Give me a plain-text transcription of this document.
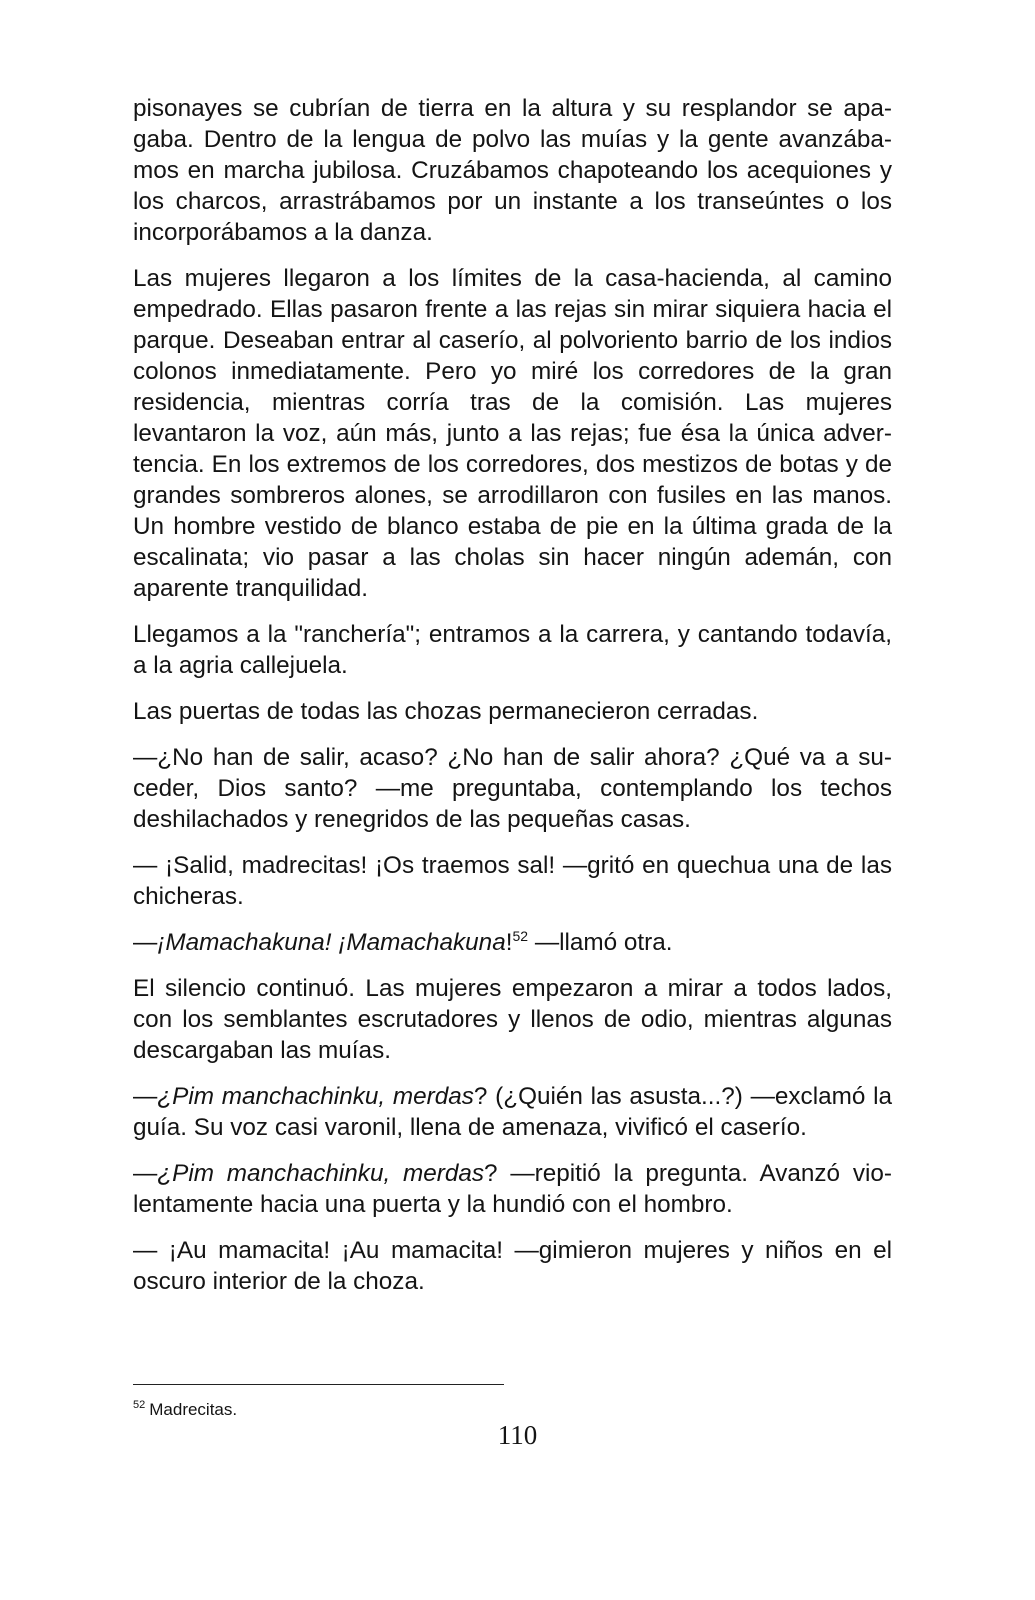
pisonayes se cubrían de tierra en la altura y su resplandor se apagaba. Dentro de la lengua de polvo las muías y la gente avanzábamos en marcha jubilosa. Cruzábamos chapoteando los acequiones y los charcos, arrastrábamos por un instante a los transeúntes o los incorporábamos a la danza.

Las mujeres llegaron a los límites de la casa-hacienda, al camino empedrado. Ellas pasaron frente a las rejas sin mirar siquiera hacia el parque. Deseaban entrar al caserío, al polvoriento barrio de los indios colonos inmediatamente. Pero yo miré los corredores de la gran residencia, mientras corría tras de la comisión. Las mujeres levantaron la voz, aún más, junto a las rejas; fue ésa la única advertencia. En los extremos de los corredores, dos mestizos de botas y de grandes sombreros alones, se arrodillaron con fusiles en las manos. Un hombre vestido de blanco estaba de pie en la última grada de la escalinata; vio pasar a las cholas sin hacer ningún ademán, con aparente tranquilidad.

Llegamos a la "ranchería"; entramos a la carrera, y cantando todavía, a la agria callejuela.

Las puertas de todas las chozas permanecieron cerradas.

—¿No han de salir, acaso? ¿No han de salir ahora? ¿Qué va a suceder, Dios santo? —me preguntaba, contemplando los techos deshilachados y renegridos de las pequeñas casas.

— ¡Salid, madrecitas! ¡Os traemos sal! —gritó en quechua una de las chicheras.

—¡Mamachakuna! ¡Mamachakuna!$^{52}$ —llamó otra.

El silencio continuó. Las mujeres empezaron a mirar a todos lados, con los semblantes escrutadores y llenos de odio, mientras algunas descargaban las muías.

—¿Pim manchachinku, merdas? (¿Quién las asusta...?) —exclamó la guía. Su voz casi varonil, llena de amenaza, vivificó el caserío.

—¿Pim manchachinku, merdas? —repitió la pregunta. Avanzó violentamente hacia una puerta y la hundió con el hombro.

— ¡Au mamacita! ¡Au mamacita! —gimieron mujeres y niños en el oscuro interior de la choza.

$^{52}$ Madrecitas.
110
